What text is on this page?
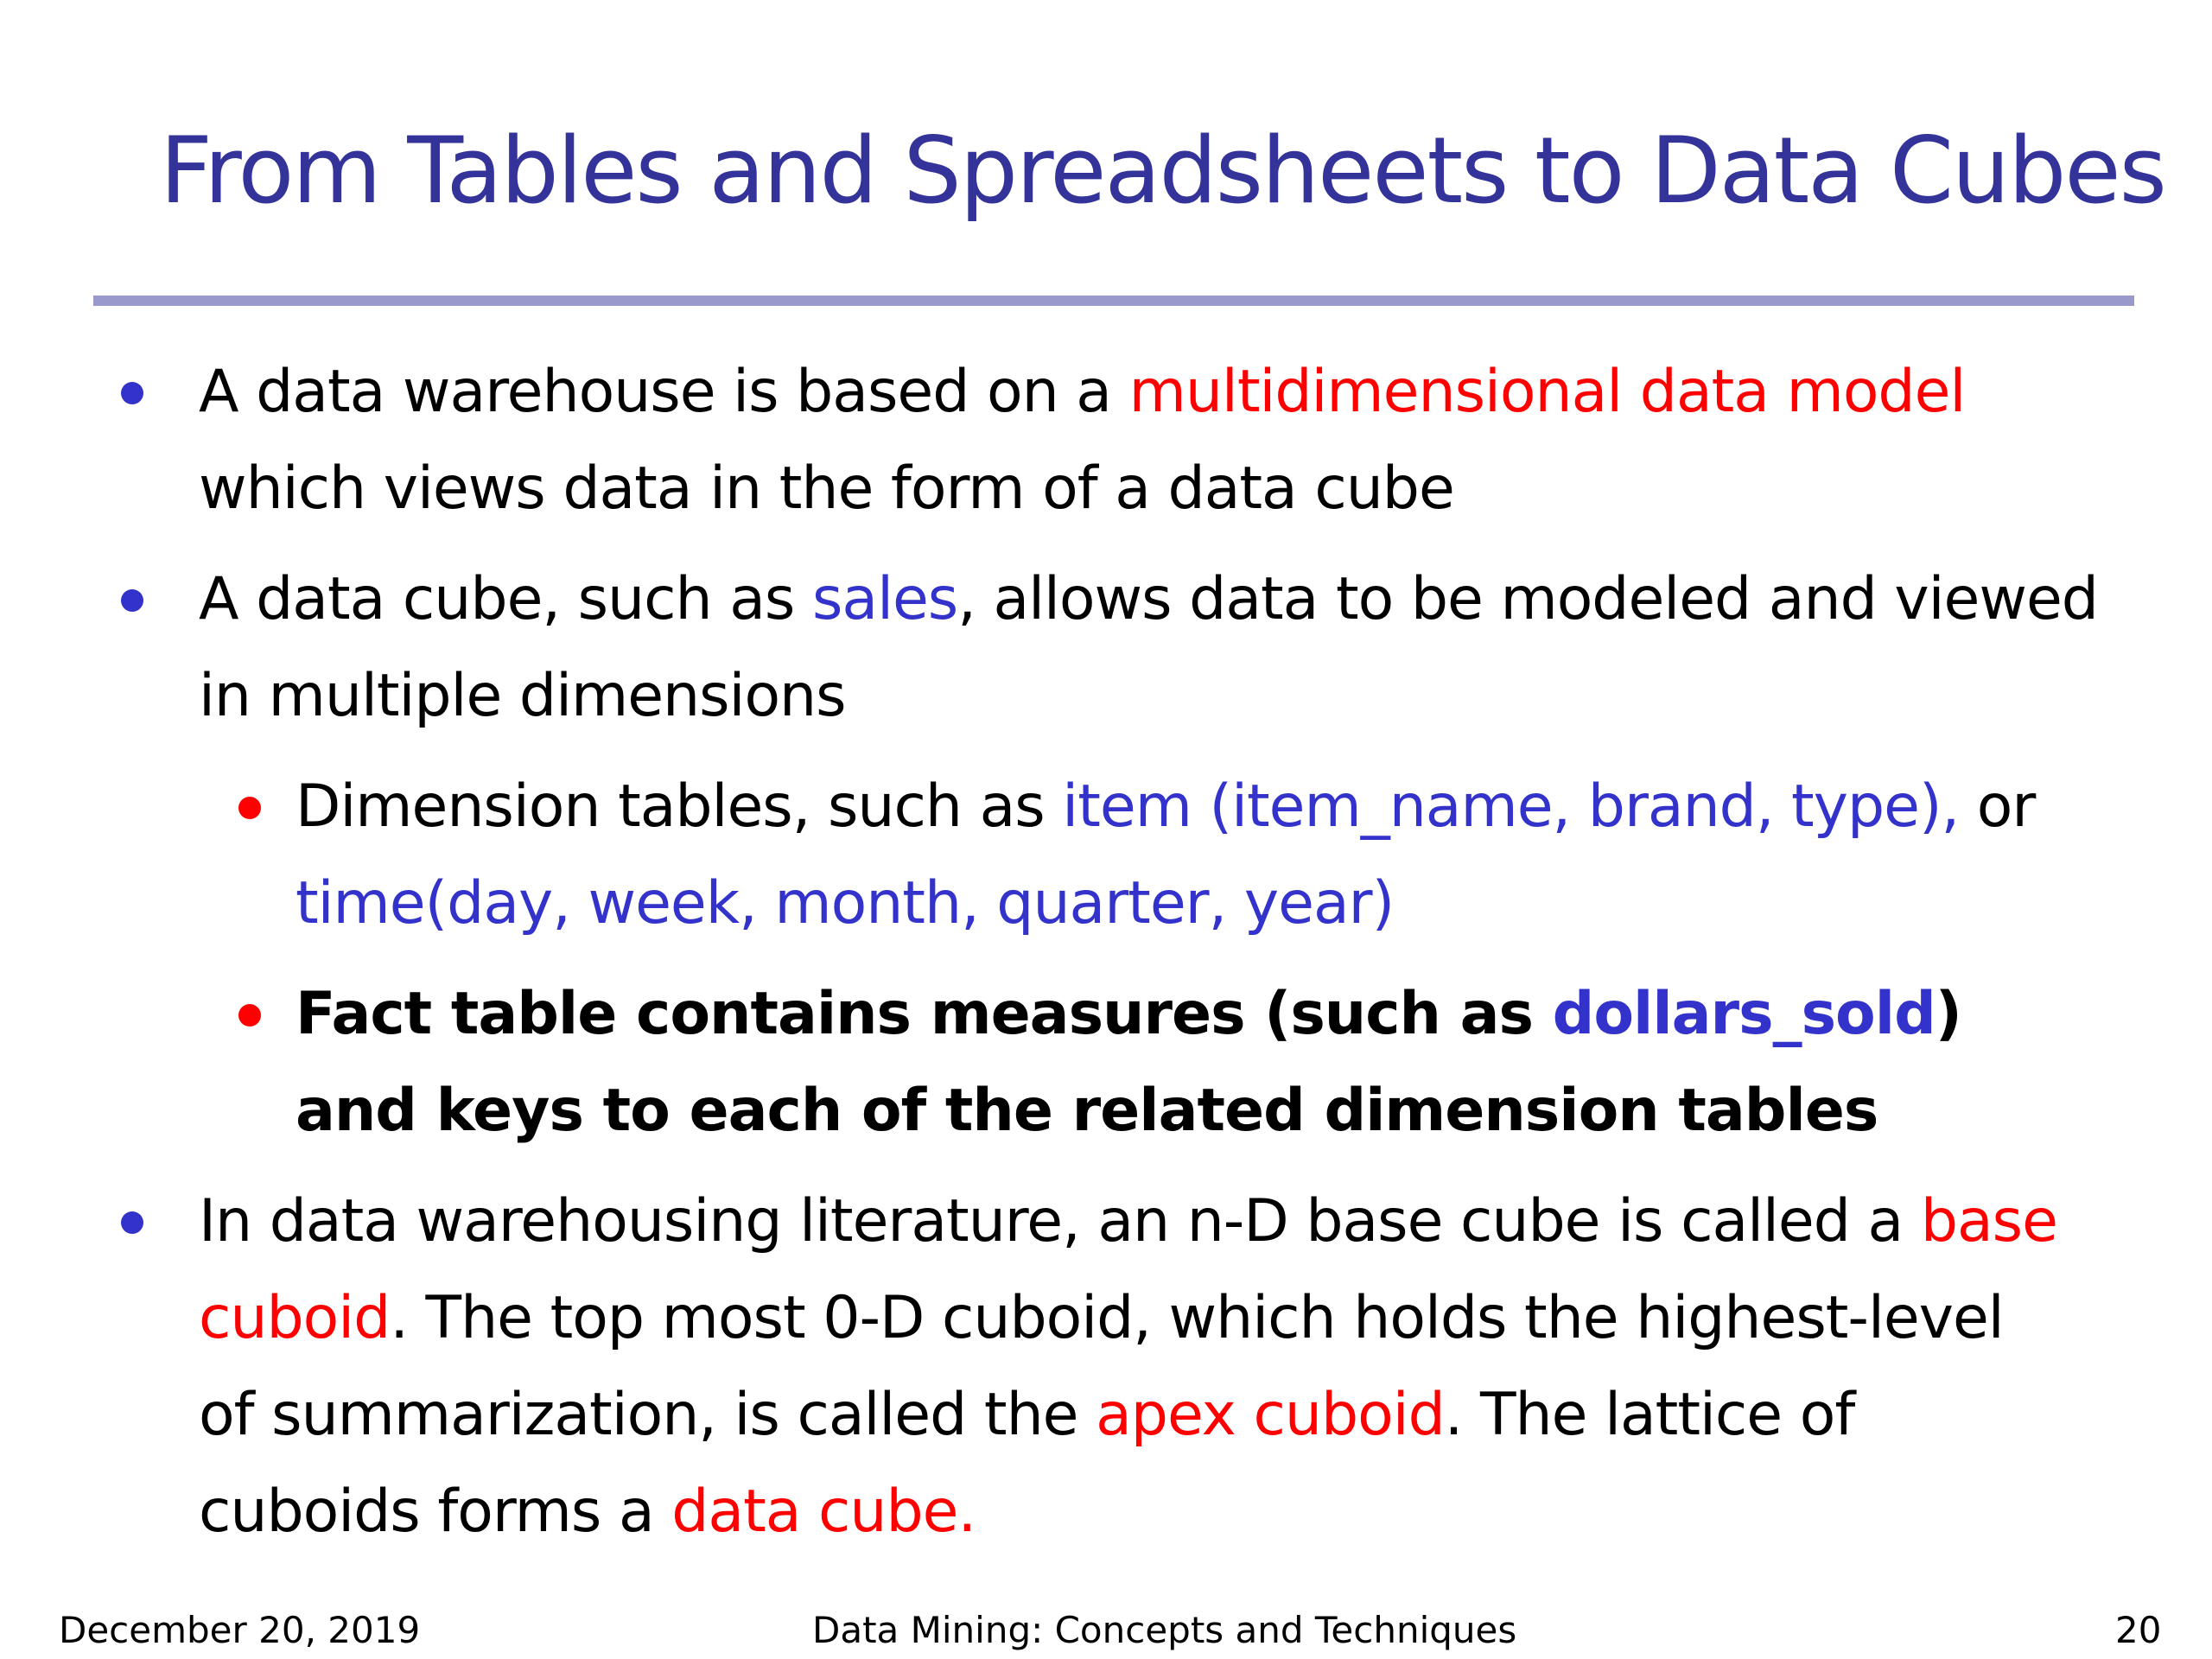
From Tables and Spreadsheets to Data Cubes
A data warehouse is based on a multidimensional data model which views data in the form of a data cube
A data cube, such as sales, allows data to be modeled and viewed in multiple dimensions
Dimension tables, such as item (item_name, brand, type), or time(day, week, month, quarter, year)
Fact table contains measures (such as dollars_sold) and keys to each of the related dimension tables
In data warehousing literature, an n-D base cube is called a base cuboid. The top most 0-D cuboid, which holds the highest-level of summarization, is called the apex cuboid. The lattice of cuboids forms a data cube.
December 20, 2019	Data Mining: Concepts and Techniques	20
